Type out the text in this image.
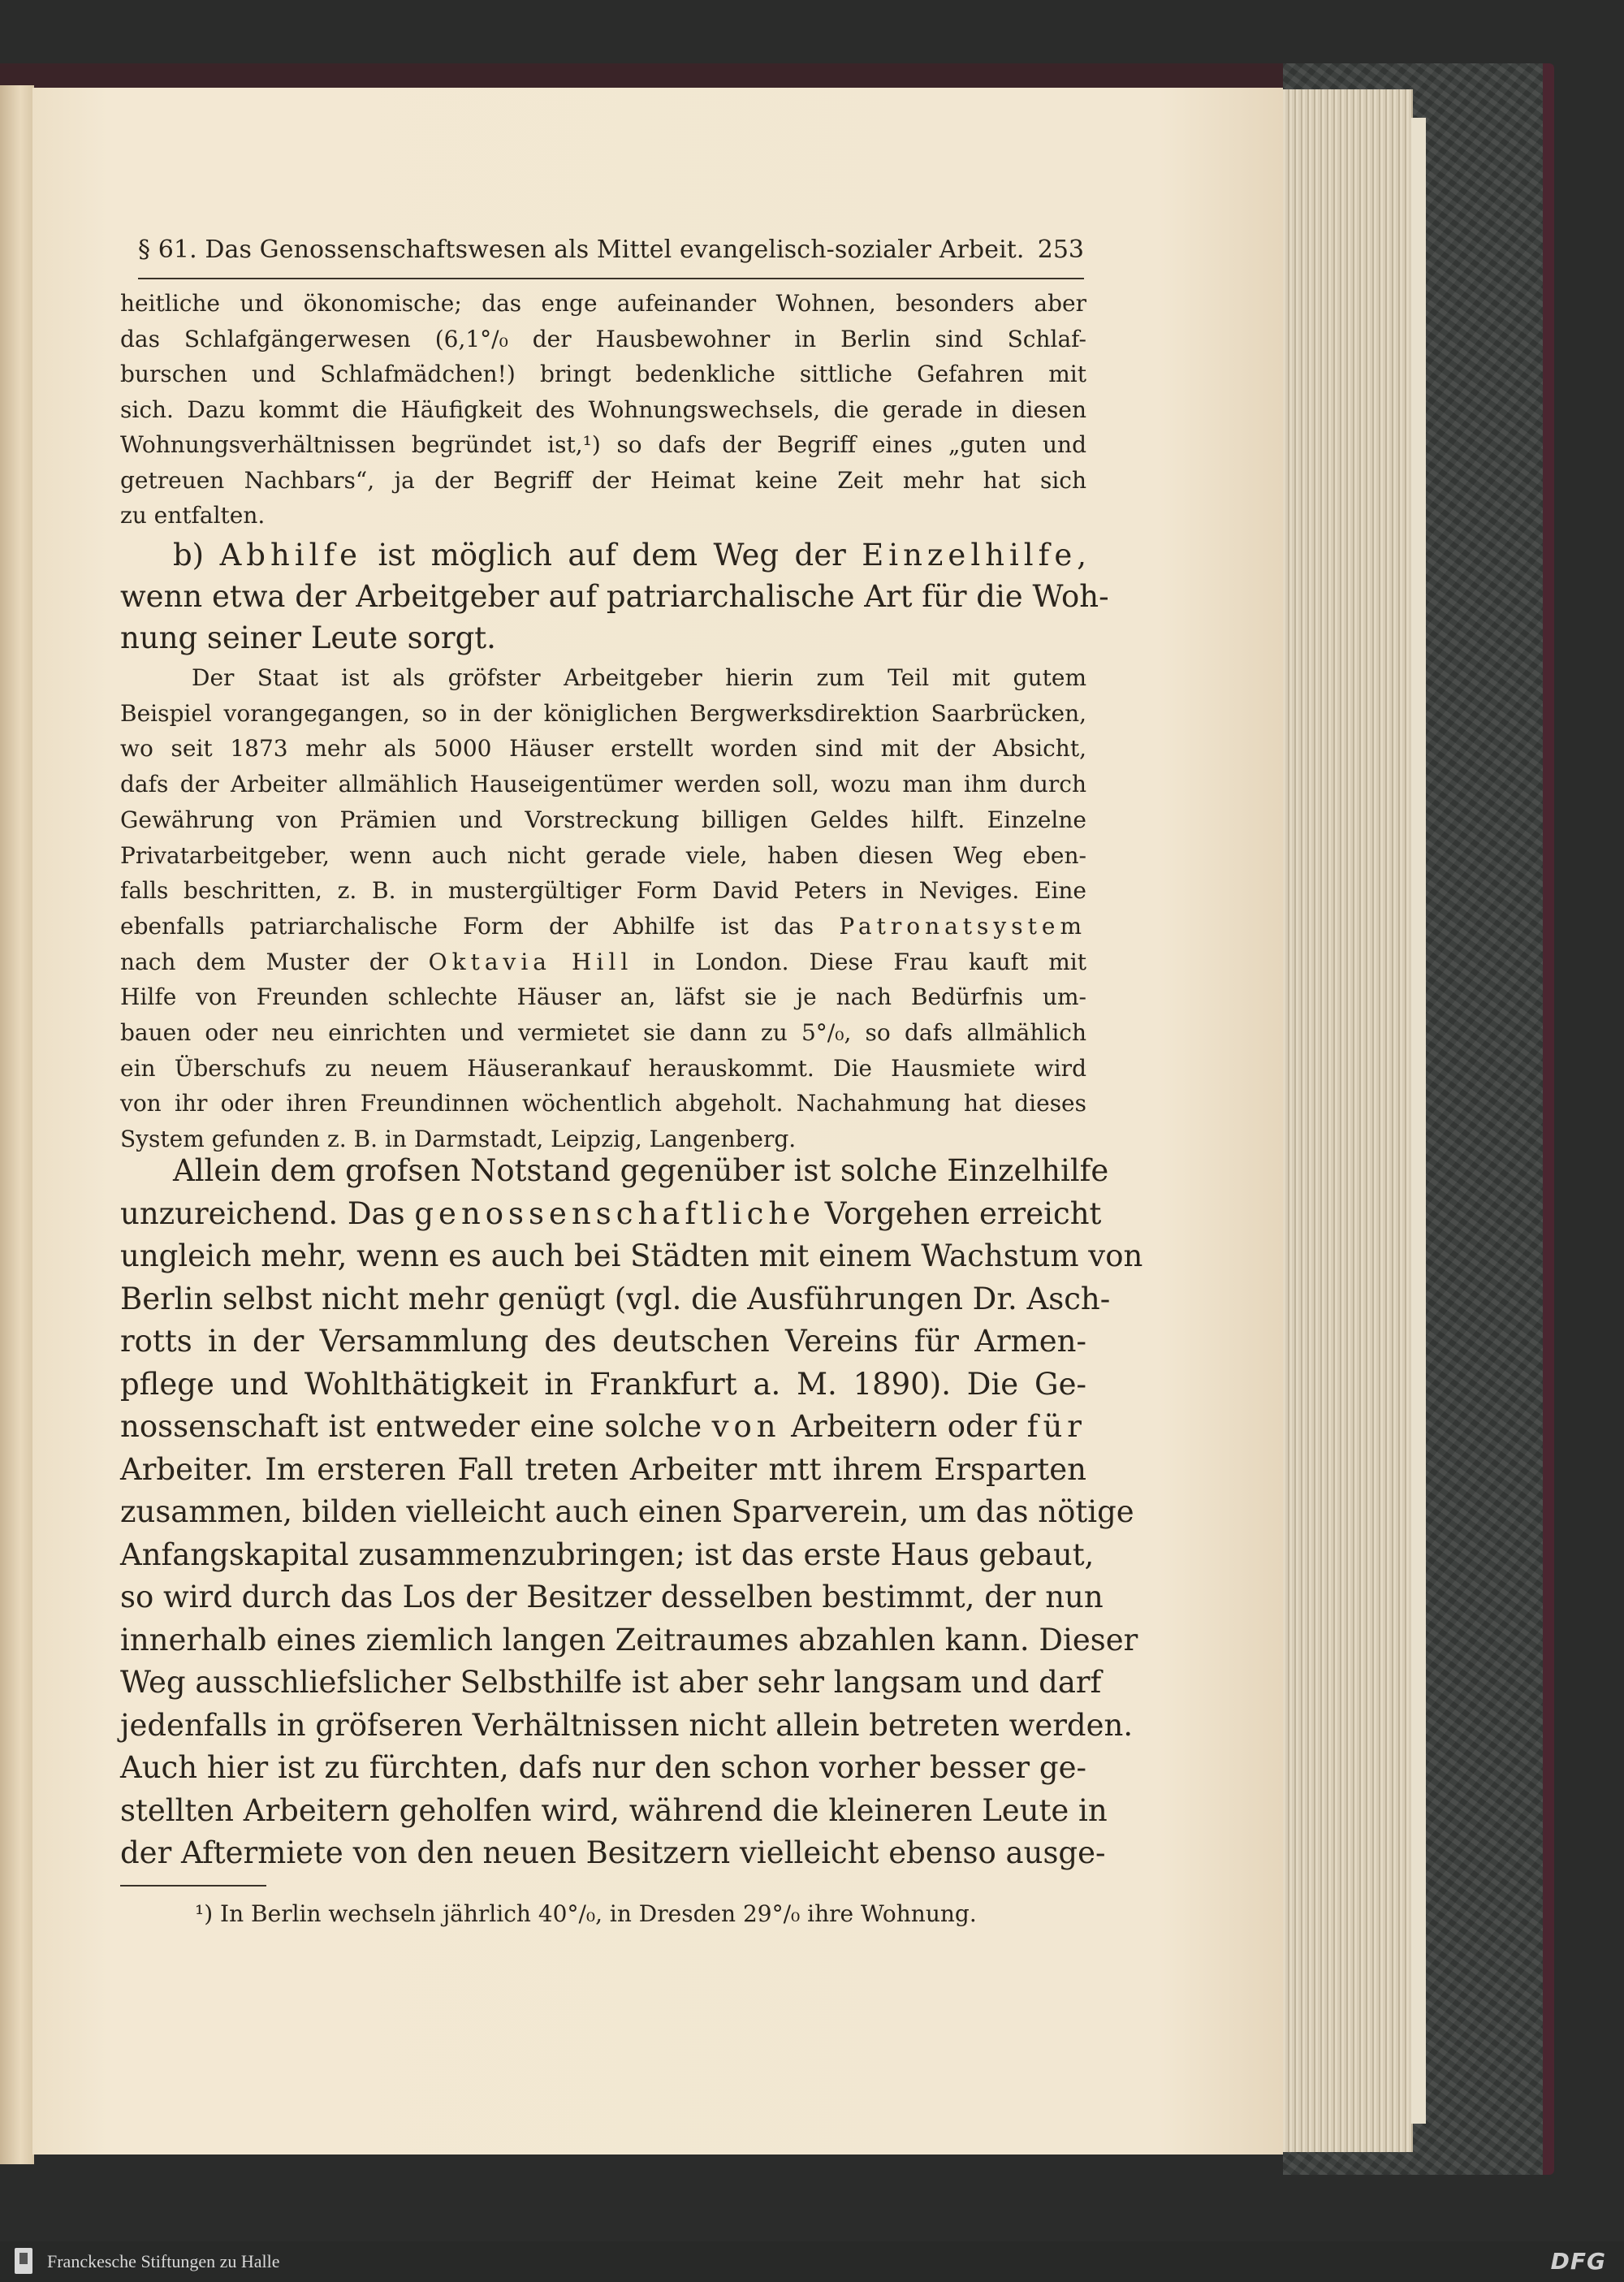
§ 61. Das Genossenschaftswesen als Mittel evangelisch-sozialer Arbeit. 253
heitliche und ökonomische; das enge aufeinander Wohnen, besonders aber
das Schlafgängerwesen (6,1°/₀ der Hausbewohner in Berlin sind Schlaf-
burschen und Schlafmädchen!) bringt bedenkliche sittliche Gefahren mit
sich. Dazu kommt die Häufigkeit des Wohnungswechsels, die gerade in diesen
Wohnungsverhältnissen begründet ist,¹) so dafs der Begriff eines „guten und
getreuen Nachbars“, ja der Begriff der Heimat keine Zeit mehr hat sich
zu entfalten.
b) Abhilfe ist möglich auf dem Weg der Einzelhilfe,
wenn etwa der Arbeitgeber auf patriarchalische Art für die Woh-
nung seiner Leute sorgt.
Der Staat ist als gröfster Arbeitgeber hierin zum Teil mit gutem
Beispiel vorangegangen, so in der königlichen Bergwerksdirektion Saarbrücken,
wo seit 1873 mehr als 5000 Häuser erstellt worden sind mit der Absicht,
dafs der Arbeiter allmählich Hauseigentümer werden soll, wozu man ihm durch
Gewährung von Prämien und Vorstreckung billigen Geldes hilft. Einzelne
Privatarbeitgeber, wenn auch nicht gerade viele, haben diesen Weg eben-
falls beschritten, z. B. in mustergültiger Form David Peters in Neviges. Eine
ebenfalls patriarchalische Form der Abhilfe ist das Patronatsystem
nach dem Muster der Oktavia Hill in London. Diese Frau kauft mit
Hilfe von Freunden schlechte Häuser an, läfst sie je nach Bedürfnis um-
bauen oder neu einrichten und vermietet sie dann zu 5°/₀, so dafs allmählich
ein Überschufs zu neuem Häuserankauf herauskommt. Die Hausmiete wird
von ihr oder ihren Freundinnen wöchentlich abgeholt. Nachahmung hat dieses
System gefunden z. B. in Darmstadt, Leipzig, Langenberg.
Allein dem grofsen Notstand gegenüber ist solche Einzelhilfe
unzureichend. Das genossenschaftliche Vorgehen erreicht
ungleich mehr, wenn es auch bei Städten mit einem Wachstum von
Berlin selbst nicht mehr genügt (vgl. die Ausführungen Dr. Asch-
rotts in der Versammlung des deutschen Vereins für Armen-
pflege und Wohlthätigkeit in Frankfurt a. M. 1890). Die Ge-
nossenschaft ist entweder eine solche von Arbeitern oder für
Arbeiter. Im ersteren Fall treten Arbeiter mtt ihrem Ersparten
zusammen, bilden vielleicht auch einen Sparverein, um das nötige
Anfangskapital zusammenzubringen; ist das erste Haus gebaut,
so wird durch das Los der Besitzer desselben bestimmt, der nun
innerhalb eines ziemlich langen Zeitraumes abzahlen kann. Dieser
Weg ausschliefslicher Selbsthilfe ist aber sehr langsam und darf
jedenfalls in gröfseren Verhältnissen nicht allein betreten werden.
Auch hier ist zu fürchten, dafs nur den schon vorher besser ge-
stellten Arbeitern geholfen wird, während die kleineren Leute in
der Aftermiete von den neuen Besitzern vielleicht ebenso ausge-
¹) In Berlin wechseln jährlich 40°/₀, in Dresden 29°/₀ ihre Wohnung.
Franckesche Stiftungen zu Halle	DFG
